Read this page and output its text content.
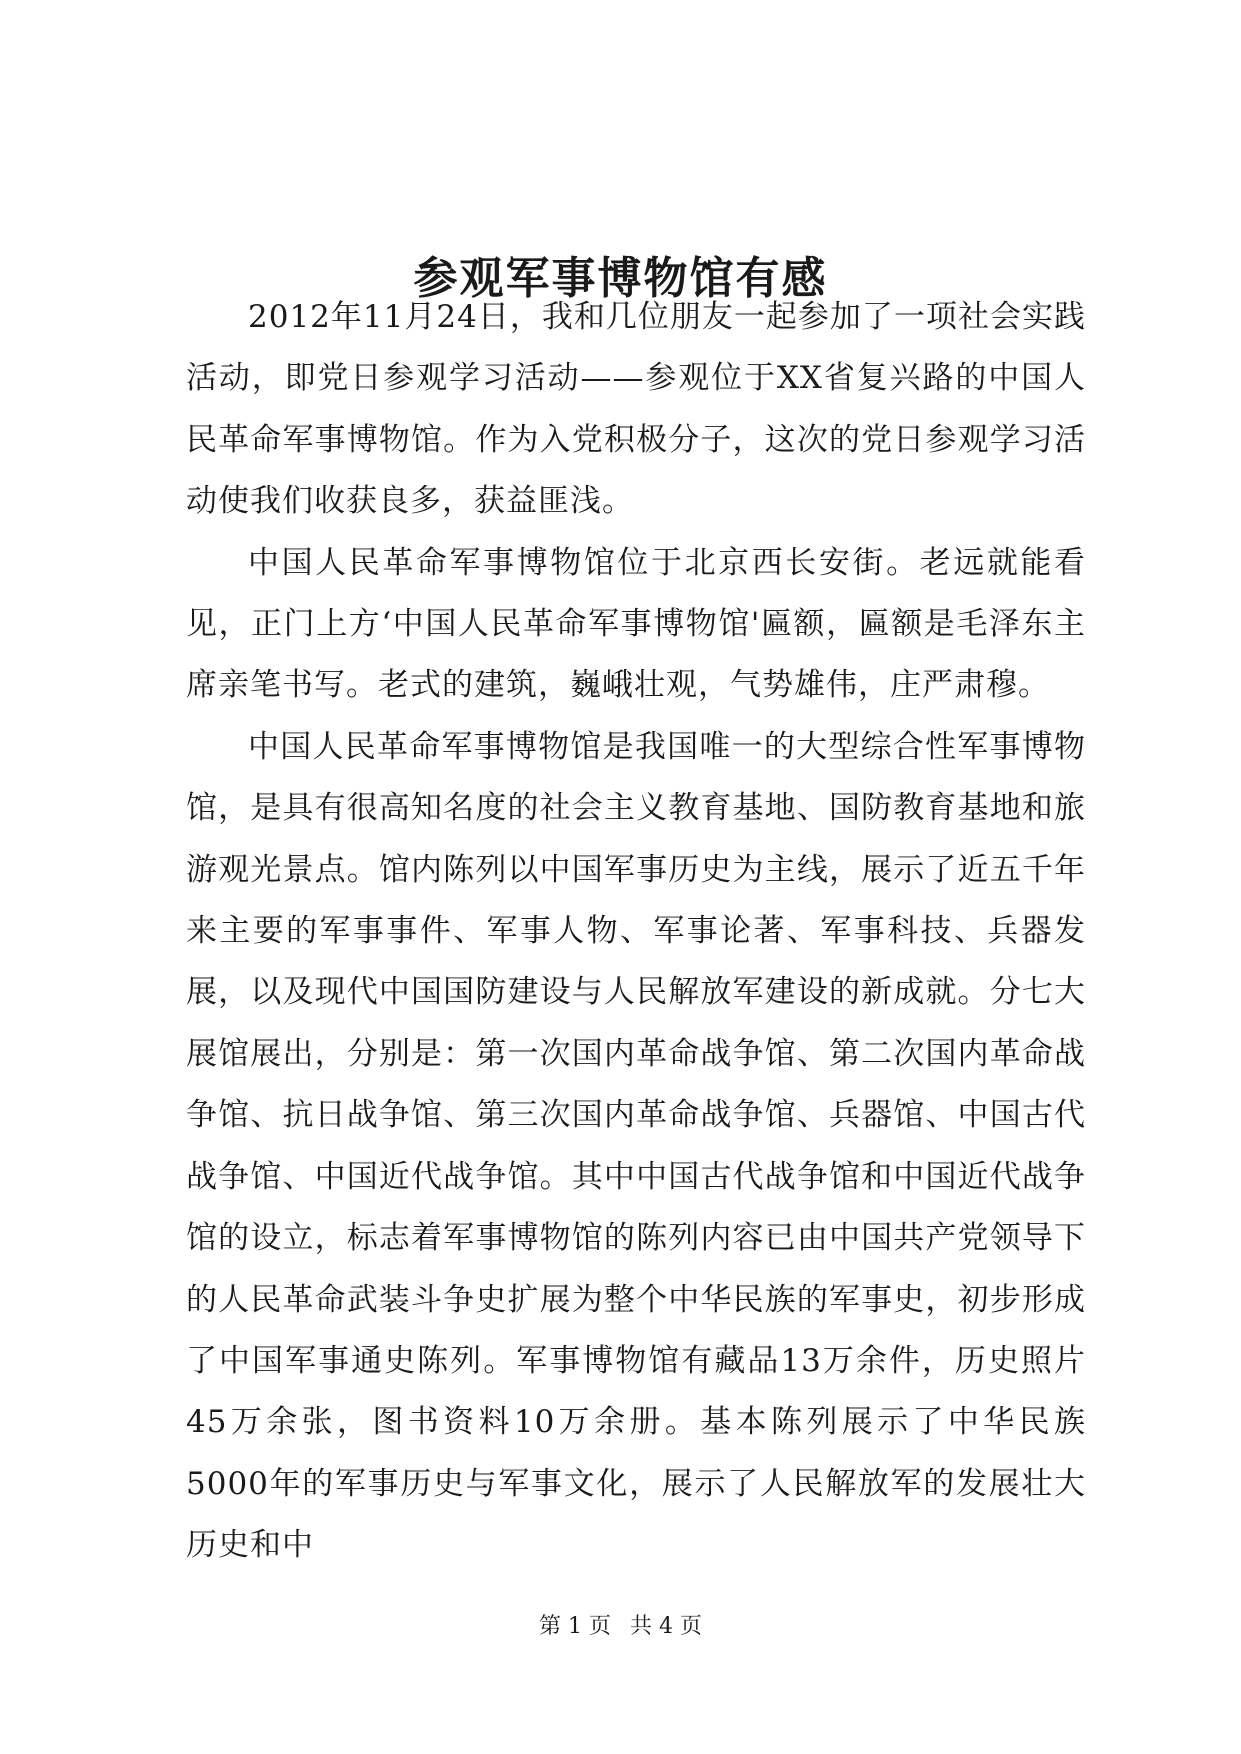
参观军事博物馆有感

2012年11月24日，我和几位朋友一起参加了一项社会实践活动，即党日参观学习活动——参观位于XX省复兴路的中国人民革命军事博物馆。作为入党积极分子，这次的党日参观学习活动使我们收获良多，获益匪浅。

中国人民革命军事博物馆位于北京西长安街。老远就能看见，正门上方‘中国人民革命军事博物馆'匾额，匾额是毛泽东主席亲笔书写。老式的建筑，巍峨壮观，气势雄伟，庄严肃穆。

中国人民革命军事博物馆是我国唯一的大型综合性军事博物馆，是具有很高知名度的社会主义教育基地、国防教育基地和旅游观光景点。馆内陈列以中国军事历史为主线，展示了近五千年来主要的军事事件、军事人物、军事论著、军事科技、兵器发展，以及现代中国国防建设与人民解放军建设的新成就。分七大展馆展出，分别是：第一次国内革命战争馆、第二次国内革命战争馆、抗日战争馆、第三次国内革命战争馆、兵器馆、中国古代战争馆、中国近代战争馆。其中中国古代战争馆和中国近代战争馆的设立，标志着军事博物馆的陈列内容已由中国共产党领导下的人民革命武装斗争史扩展为整个中华民族的军事史，初步形成了中国军事通史陈列。军事博物馆有藏品13万余件，历史照片45万余张，图书资料10万余册。基本陈列展示了中华民族5000年的军事历史与军事文化，展示了人民解放军的发展壮大历史和中

第 1 页 共 4 页
